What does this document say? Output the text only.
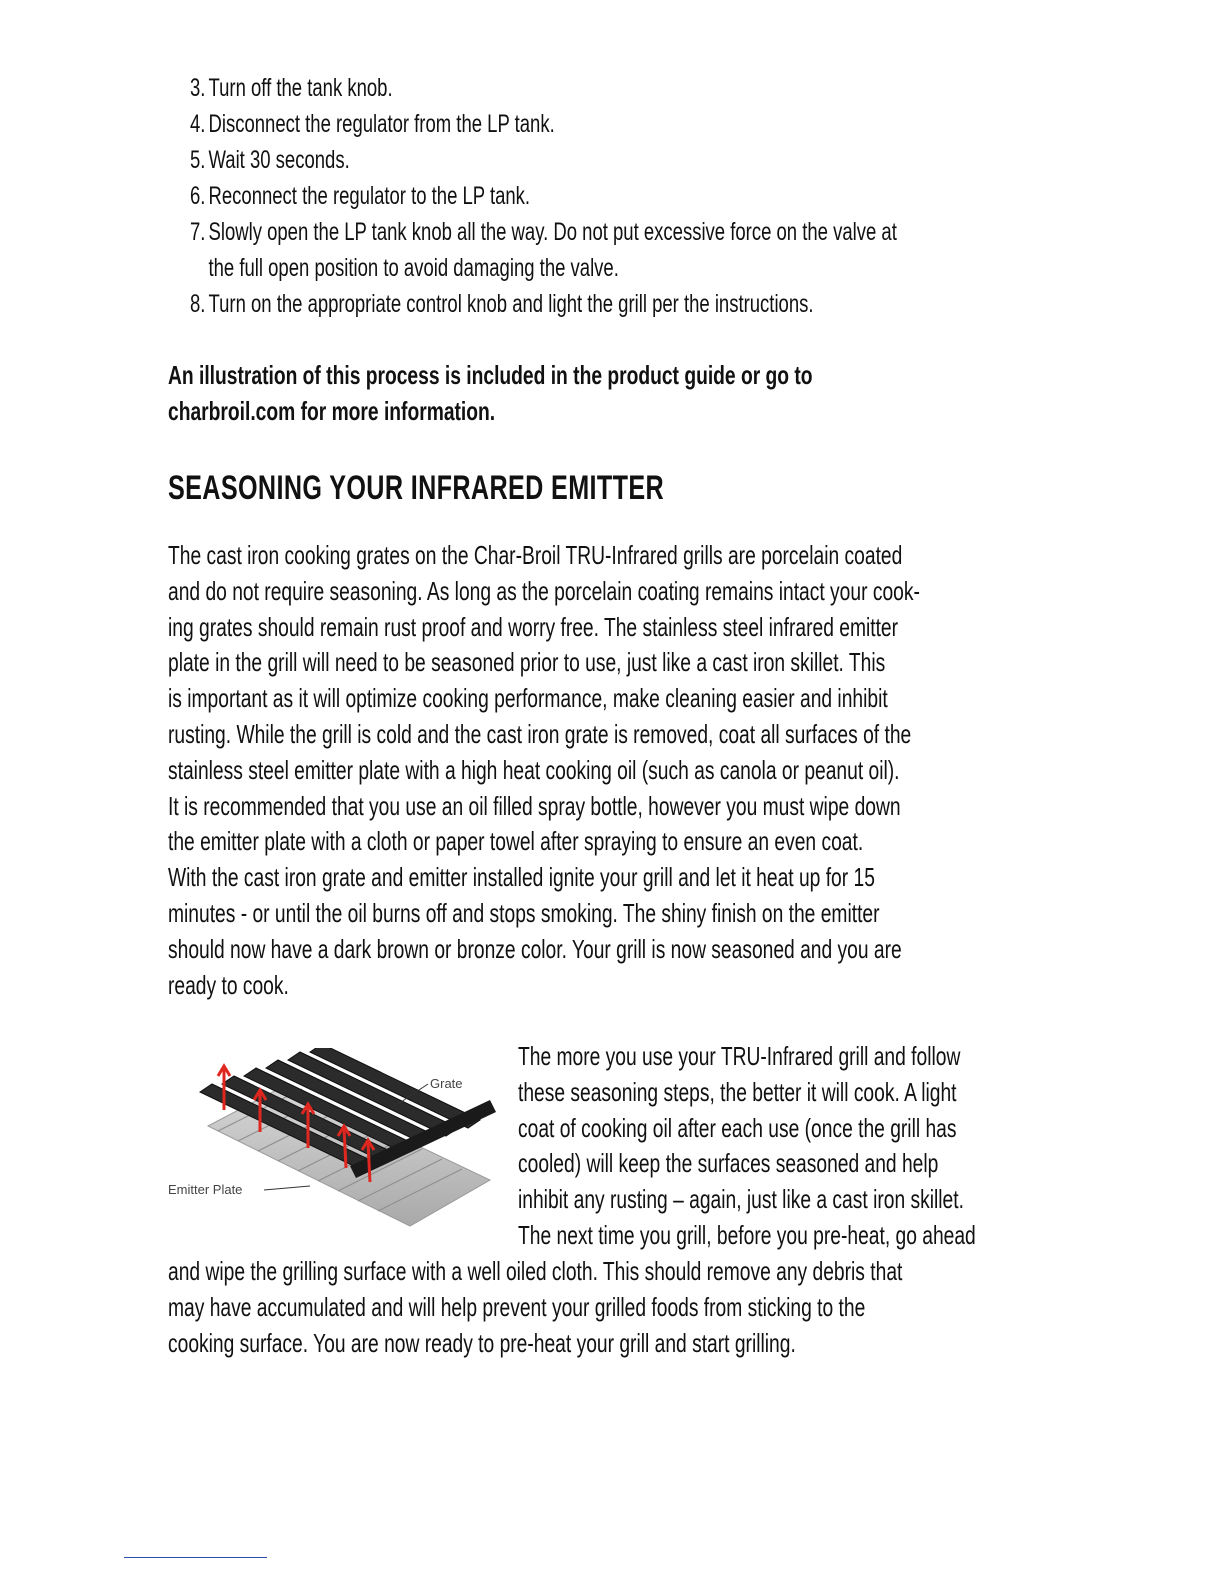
3. Turn off the tank knob.
4. Disconnect the regulator from the LP tank.
5. Wait 30 seconds.
6. Reconnect the regulator to the LP tank.
7. Slowly open the LP tank knob all the way. Do not put excessive force on the valve at
the full open position to avoid damaging the valve.
8. Turn on the appropriate control knob and light the grill per the instructions.
An illustration of this process is included in the product guide or go to
charbroil.com for more information.
SEASONING YOUR INFRARED EMITTER
The cast iron cooking grates on the Char-Broil TRU-Infrared grills are porcelain coated
and do not require seasoning. As long as the porcelain coating remains intact your cook-
ing grates should remain rust proof and worry free. The stainless steel infrared emitter
plate in the grill will need to be seasoned prior to use, just like a cast iron skillet. This
is important as it will optimize cooking performance, make cleaning easier and inhibit
rusting. While the grill is cold and the cast iron grate is removed, coat all surfaces of the
stainless steel emitter plate with a high heat cooking oil (such as canola or peanut oil).
It is recommended that you use an oil filled spray bottle, however you must wipe down
the emitter plate with a cloth or paper towel after spraying to ensure an even coat.
With the cast iron grate and emitter installed ignite your grill and let it heat up for 15
minutes - or until the oil burns off and stops smoking. The shiny finish on the emitter
should now have a dark brown or bronze color. Your grill is now seasoned and you are
ready to cook.
Grate
Emitter Plate
The more you use your TRU-Infrared grill and follow
these seasoning steps, the better it will cook. A light
coat of cooking oil after each use (once the grill has
cooled) will keep the surfaces seasoned and help
inhibit any rusting – again, just like a cast iron skillet.
The next time you grill, before you pre-heat, go ahead
and wipe the grilling surface with a well oiled cloth. This should remove any debris that
may have accumulated and will help prevent your grilled foods from sticking to the
cooking surface. You are now ready to pre-heat your grill and start grilling.
